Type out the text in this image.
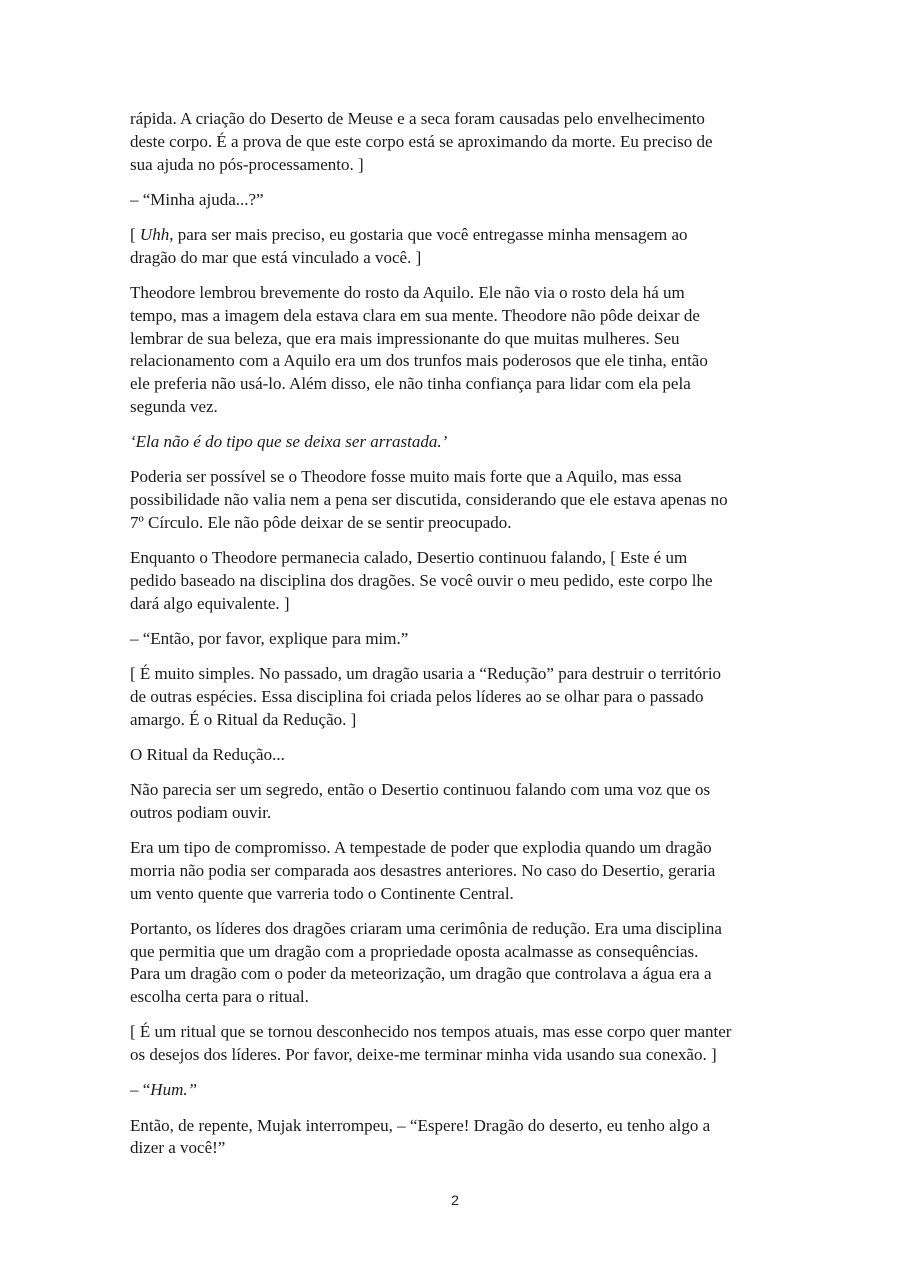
rápida. A criação do Deserto de Meuse e a seca foram causadas pelo envelhecimento
deste corpo. É a prova de que este corpo está se aproximando da morte. Eu preciso de
sua ajuda no pós-processamento. ]

– “Minha ajuda...?”

[ Uhh, para ser mais preciso, eu gostaria que você entregasse minha mensagem ao
dragão do mar que está vinculado a você. ]

Theodore lembrou brevemente do rosto da Aquilo. Ele não via o rosto dela há um
tempo, mas a imagem dela estava clara em sua mente. Theodore não pôde deixar de
lembrar de sua beleza, que era mais impressionante do que muitas mulheres. Seu
relacionamento com a Aquilo era um dos trunfos mais poderosos que ele tinha, então
ele preferia não usá-lo. Além disso, ele não tinha confiança para lidar com ela pela
segunda vez.

‘Ela não é do tipo que se deixa ser arrastada.’

Poderia ser possível se o Theodore fosse muito mais forte que a Aquilo, mas essa
possibilidade não valia nem a pena ser discutida, considerando que ele estava apenas no
7º Círculo. Ele não pôde deixar de se sentir preocupado.

Enquanto o Theodore permanecia calado, Desertio continuou falando, [ Este é um
pedido baseado na disciplina dos dragões. Se você ouvir o meu pedido, este corpo lhe
dará algo equivalente. ]

– “Então, por favor, explique para mim.”

[ É muito simples. No passado, um dragão usaria a “Redução” para destruir o território
de outras espécies. Essa disciplina foi criada pelos líderes ao se olhar para o passado
amargo. É o Ritual da Redução. ]

O Ritual da Redução...

Não parecia ser um segredo, então o Desertio continuou falando com uma voz que os
outros podiam ouvir.

Era um tipo de compromisso. A tempestade de poder que explodia quando um dragão
morria não podia ser comparada aos desastres anteriores. No caso do Desertio, geraria
um vento quente que varreria todo o Continente Central.

Portanto, os líderes dos dragões criaram uma cerimônia de redução. Era uma disciplina
que permitia que um dragão com a propriedade oposta acalmasse as consequências.
Para um dragão com o poder da meteorização, um dragão que controlava a água era a
escolha certa para o ritual.

[ É um ritual que se tornou desconhecido nos tempos atuais, mas esse corpo quer manter
os desejos dos líderes. Por favor, deixe-me terminar minha vida usando sua conexão. ]

– “Hum.”

Então, de repente, Mujak interrompeu, – “Espere! Dragão do deserto, eu tenho algo a
dizer a você!”

2
